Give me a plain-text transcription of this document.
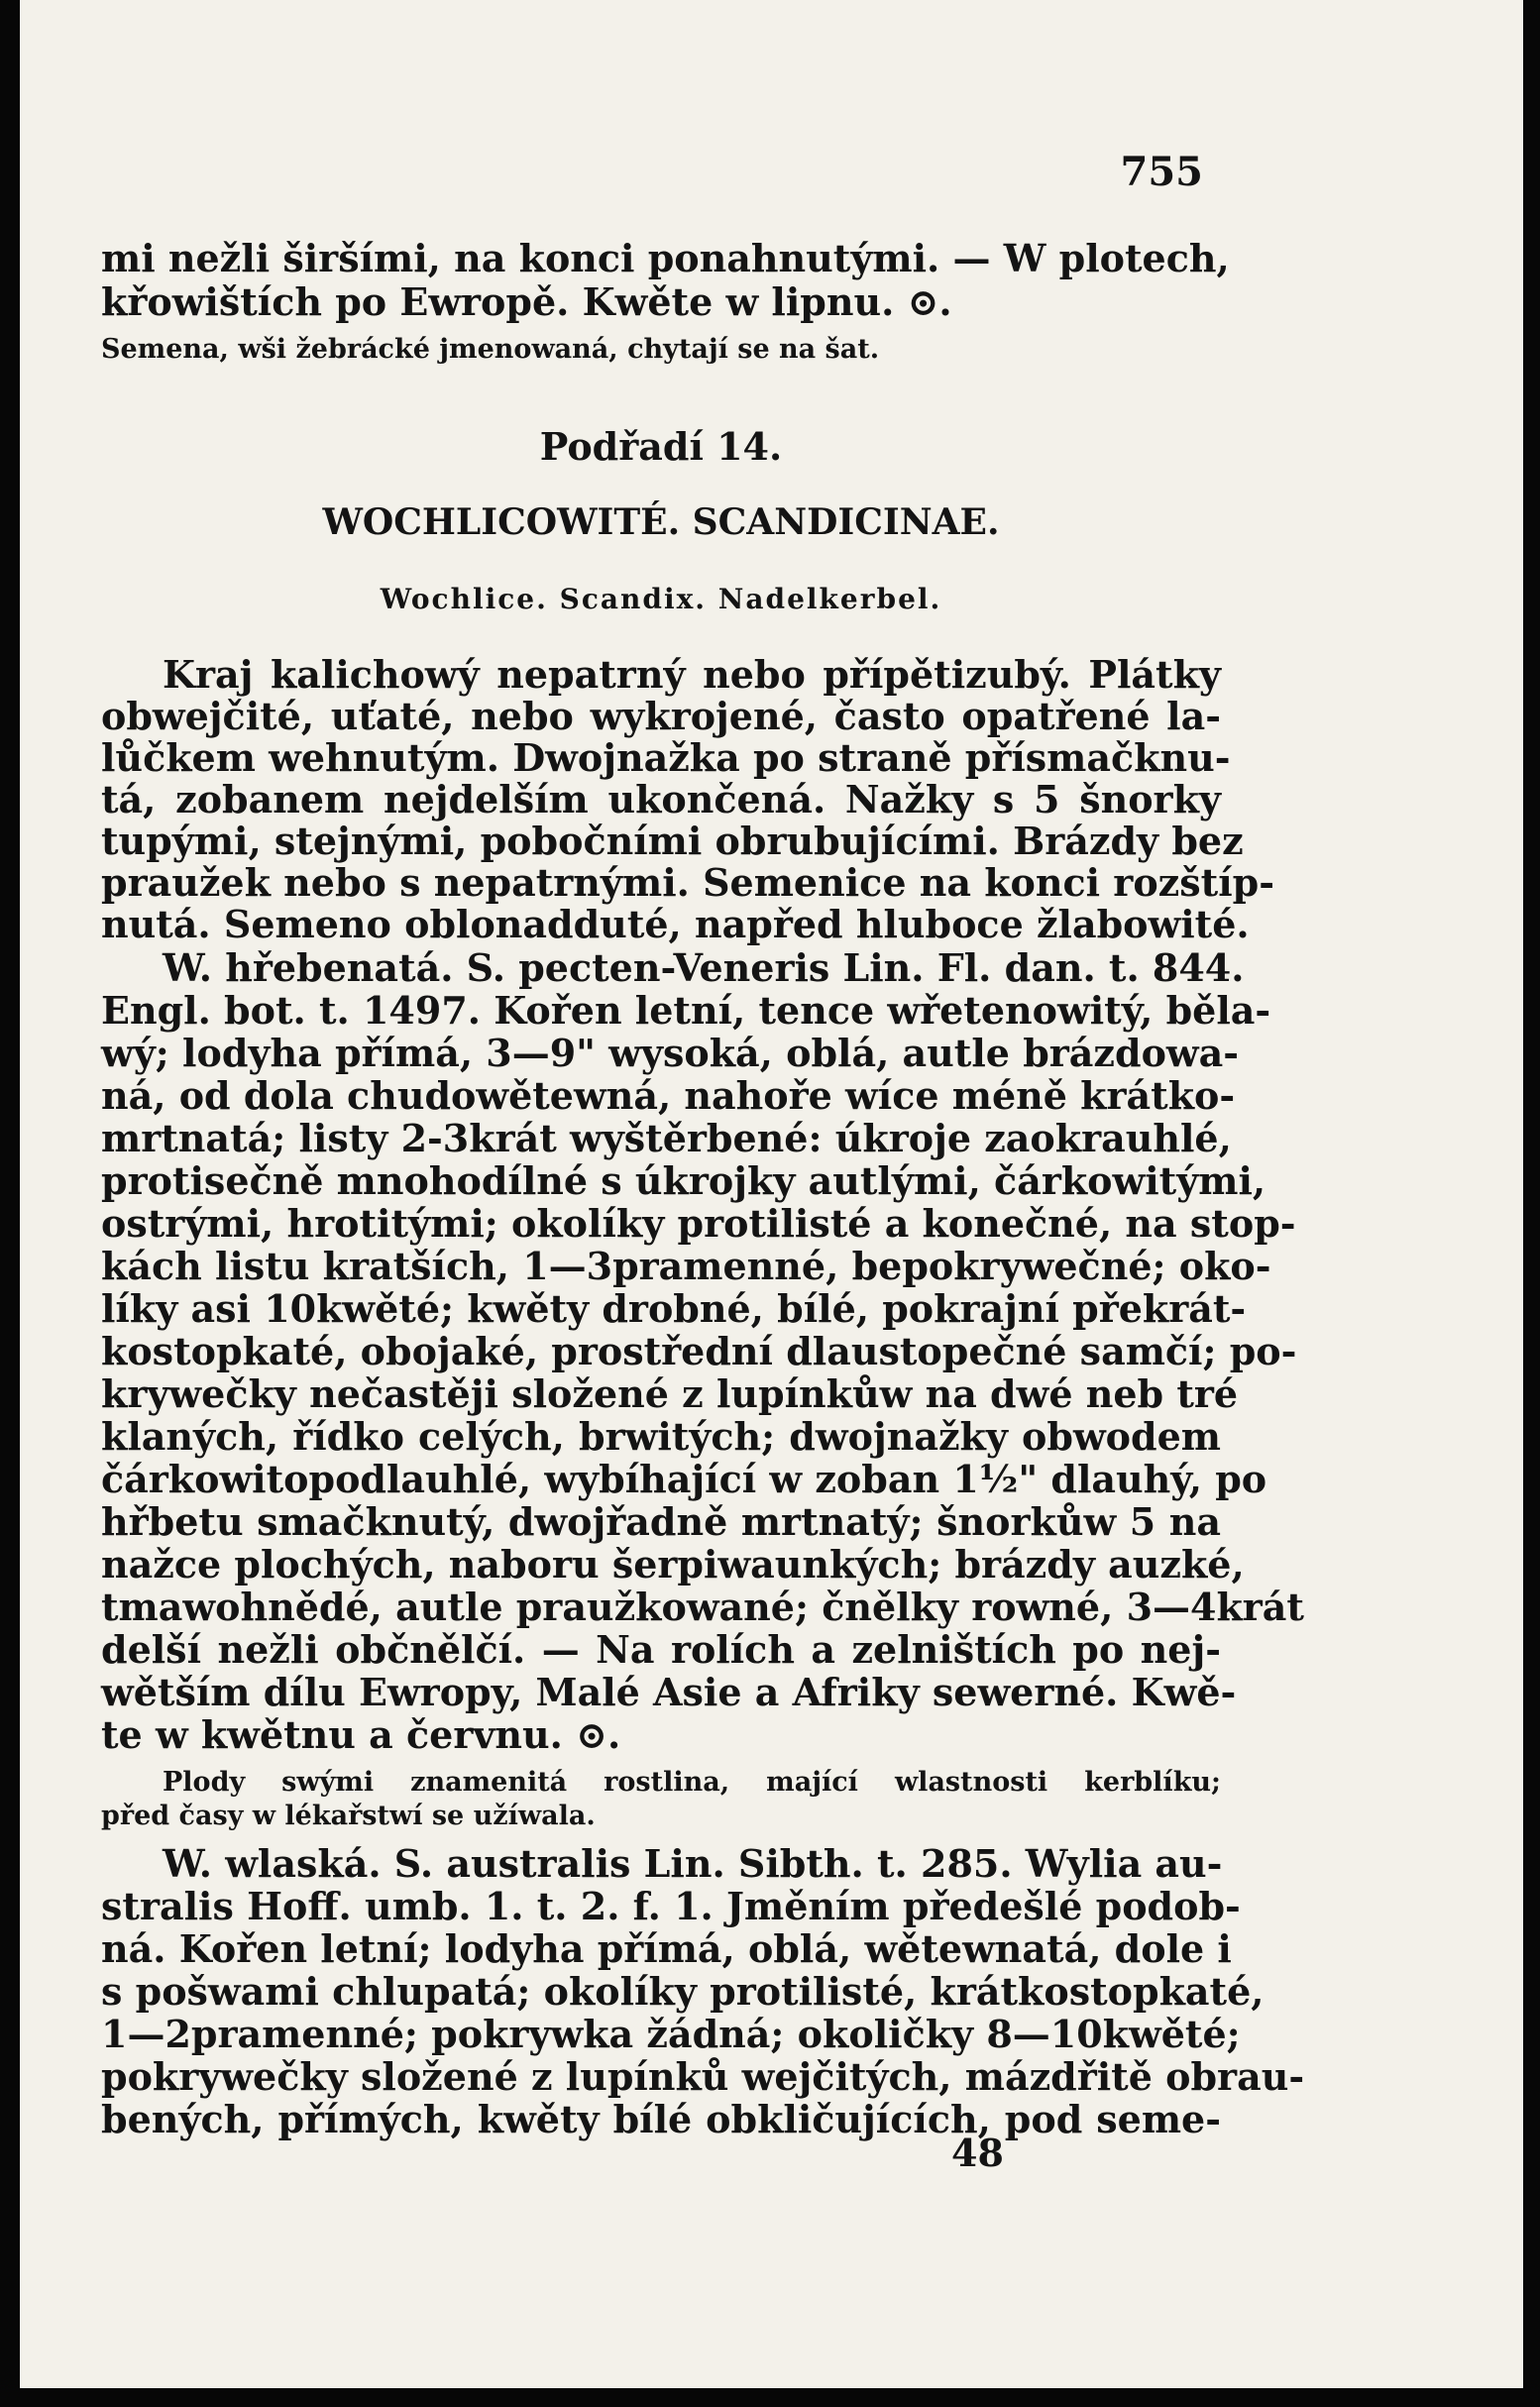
755
mi nežli širšími, na konci ponahnutými. — W plotech,
křowištích po Ewropě. Kwěte w lipnu. ⊙.
Semena, wši žebrácké jmenowaná, chytají se na šat.
Podřadí 14.
WOCHLICOWITÉ. SCANDICINAE.
Wochlice. Scandix. Nadelkerbel.
Kraj kalichowý nepatrný nebo přípětizubý. Plátky
obwejčité, uťaté, nebo wykrojené, často opatřené la-
lůčkem wehnutým. Dwojnažka po straně přísmačknu-
tá, zobanem nejdelším ukončená. Nažky s 5 šnorky
tupými, stejnými, pobočními obrubujícími. Brázdy bez
praužek nebo s nepatrnými. Semenice na konci rozštíp-
nutá. Semeno oblonadduté, napřed hluboce žlabowité.
W. hřebenatá. S. pecten-Veneris Lin. Fl. dan. t. 844.
Engl. bot. t. 1497. Kořen letní, tence wřetenowitý, běla-
wý; lodyha přímá, 3—9" wysoká, oblá, autle brázdowa-
ná, od dola chudowětewná, nahoře wíce méně krátko-
mrtnatá; listy 2-3krát wyštěrbené: úkroje zaokrauhlé,
protisečně mnohodílné s úkrojky autlými, čárkowitými,
ostrými, hrotitými; okolíky protilisté a konečné, na stop-
kách listu kratších, 1—3pramenné, bepokrywečné; oko-
líky asi 10kwěté; kwěty drobné, bílé, pokrajní překrát-
kostopkaté, obojaké, prostřední dlaustopečné samčí; po-
krywečky nečastěji složené z lupínkůw na dwé neb tré
klaných, řídko celých, brwitých; dwojnažky obwodem
čárkowitopodlauhlé, wybíhající w zoban 1½" dlauhý, po
hřbetu smačknutý, dwojřadně mrtnatý; šnorkůw 5 na
nažce plochých, naboru šerpiwaunkých; brázdy auzké,
tmawohnědé, autle praužkowané; čnělky rowné, 3—4krát
delší nežli občnělčí. — Na rolích a zelništích po nej-
wětším dílu Ewropy, Malé Asie a Afriky sewerné. Kwě-
te w kwětnu a červnu. ⊙.
Plody swými znamenitá rostlina, mající wlastnosti kerblíku;
před časy w lékařstwí se užíwala.
W. wlaská. S. australis Lin. Sibth. t. 285. Wylia au-
stralis Hoff. umb. 1. t. 2. f. 1. Jměním předešlé podob-
ná. Kořen letní; lodyha přímá, oblá, wětewnatá, dole i
s pošwami chlupatá; okolíky protilisté, krátkostopkaté,
1—2pramenné; pokrywka žádná; okoličky 8—10kwěté;
pokrywečky složené z lupínků wejčitých, mázdřitě obrau-
bených, přímých, kwěty bílé obkličujících, pod seme-
48
